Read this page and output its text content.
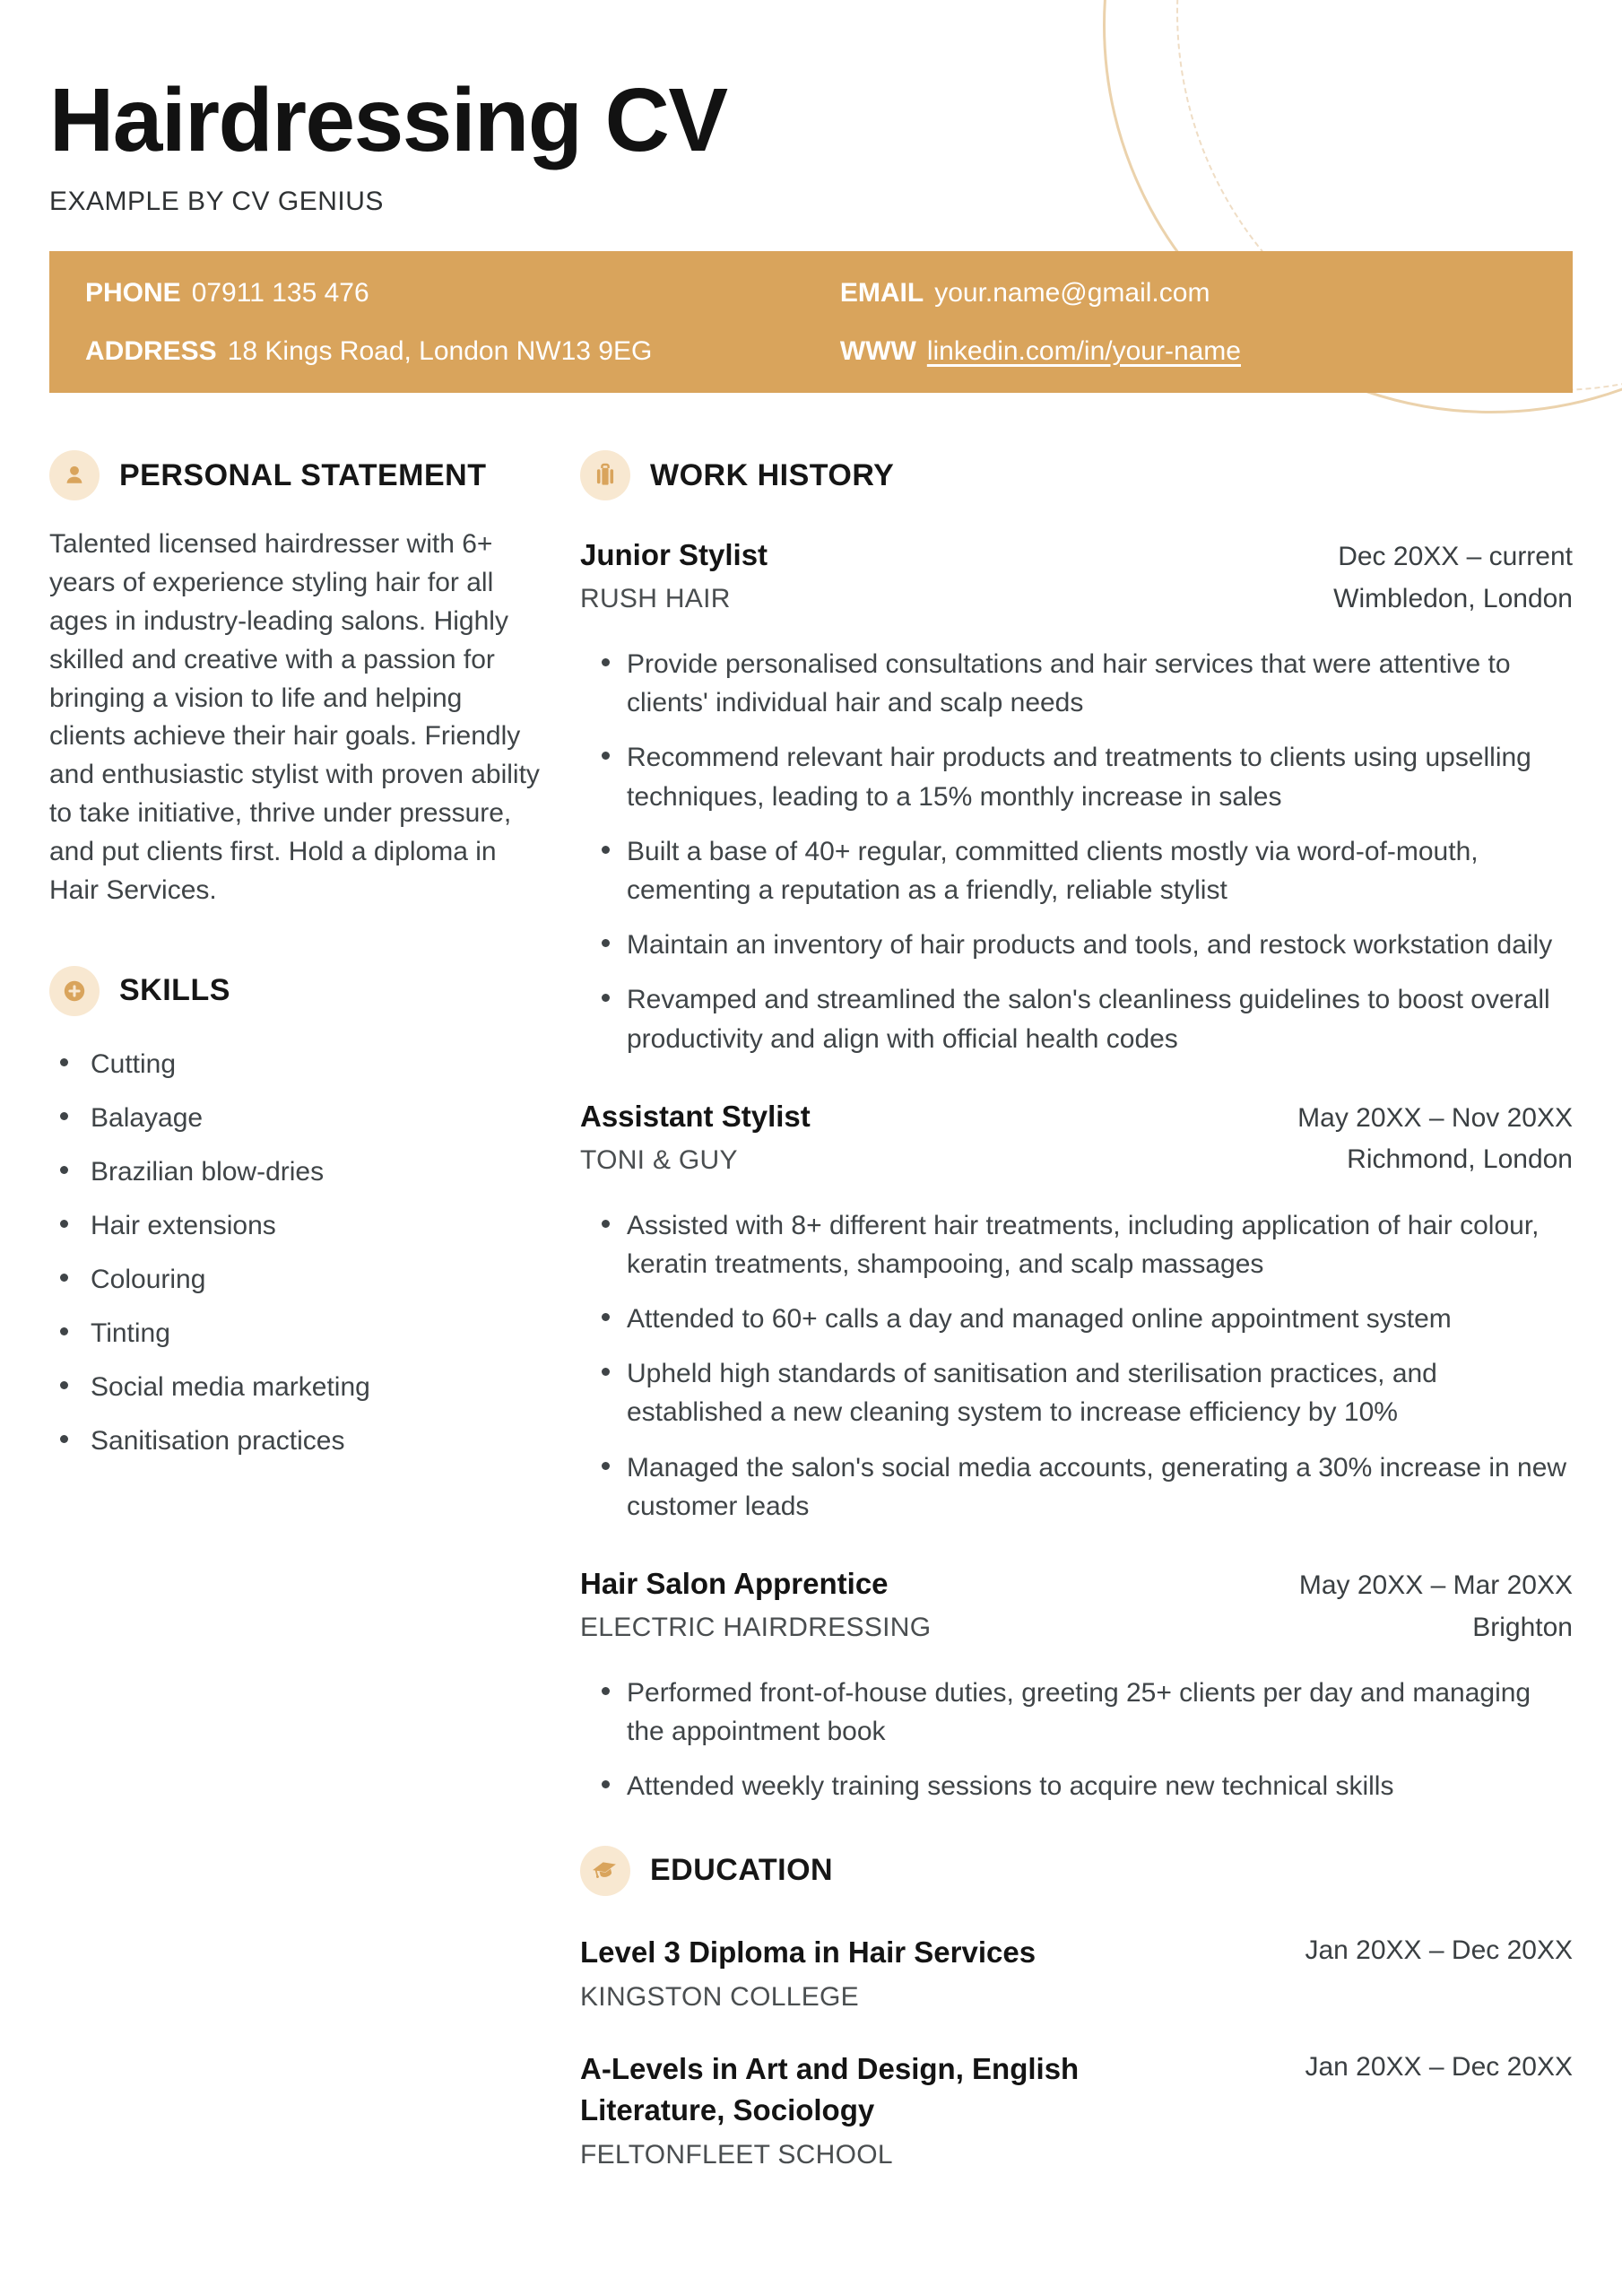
Hairdressing CV
EXAMPLE BY CV GENIUS
PHONE 07911 135 476
ADDRESS 18 Kings Road, London NW13 9EG
EMAIL your.name@gmail.com
WWW linkedin.com/in/your-name
PERSONAL STATEMENT

Talented licensed hairdresser with 6+ years of experience styling hair for all ages in industry-leading salons. Highly skilled and creative with a passion for bringing a vision to life and helping clients achieve their hair goals. Friendly and enthusiastic stylist with proven ability to take initiative, thrive under pressure, and put clients first. Hold a diploma in Hair Services.

SKILLS
Cutting
Balayage
Brazilian blow-dries
Hair extensions
Colouring
Tinting
Social media marketing
Sanitisation practices
WORK HISTORY
Junior Stylist
RUSH HAIR
Dec 20XX – current
Wimbledon, London
Provide personalised consultations and hair services that were attentive to clients' individual hair and scalp needs
Recommend relevant hair products and treatments to clients using upselling techniques, leading to a 15% monthly increase in sales
Built a base of 40+ regular, committed clients mostly via word-of-mouth, cementing a reputation as a friendly, reliable stylist
Maintain an inventory of hair products and tools, and restock workstation daily
Revamped and streamlined the salon's cleanliness guidelines to boost overall productivity and align with official health codes
Assistant Stylist
TONI & GUY
May 20XX – Nov 20XX
Richmond, London
Assisted with 8+ different hair treatments, including application of hair colour, keratin treatments, shampooing, and scalp massages
Attended to 60+ calls a day and managed online appointment system
Upheld high standards of sanitisation and sterilisation practices, and established a new cleaning system to increase efficiency by 10%
Managed the salon's social media accounts, generating a 30% increase in new customer leads
Hair Salon Apprentice
ELECTRIC HAIRDRESSING
May 20XX – Mar 20XX
Brighton
Performed front-of-house duties, greeting 25+ clients per day and managing the appointment book
Attended weekly training sessions to acquire new technical skills
EDUCATION
Level 3 Diploma in Hair Services
KINGSTON COLLEGE
Jan 20XX – Dec 20XX
A-Levels in Art and Design, English Literature, Sociology
FELTONFLEET SCHOOL
Jan 20XX – Dec 20XX
